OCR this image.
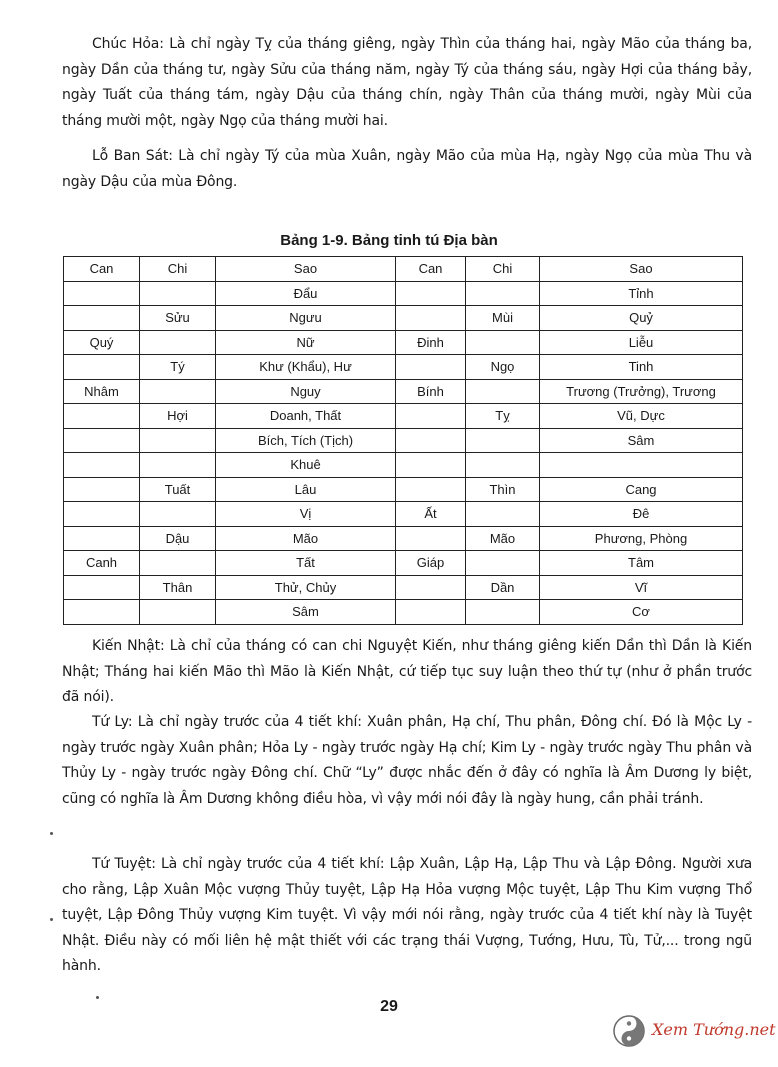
Chúc Hỏa: Là chỉ ngày Tỵ của tháng giêng, ngày Thìn của tháng hai, ngày Mão của tháng ba, ngày Dần của tháng tư, ngày Sửu của tháng năm, ngày Tý của tháng sáu, ngày Hợi của tháng bảy, ngày Tuất của tháng tám, ngày Dậu của tháng chín, ngày Thân của tháng mười, ngày Mùi của tháng mười một, ngày Ngọ của tháng mười hai.

Lỗ Ban Sát: Là chỉ ngày Tý của mùa Xuân, ngày Mão của mùa Hạ, ngày Ngọ của mùa Thu và ngày Dậu của mùa Đông.

Bảng 1-9. Bảng tinh tú Địa bàn
Can	Chi	Sao	Can	Chi	Sao
		Đẩu			Tỉnh
	Sửu	Ngưu		Mùi	Quỷ
Quý		Nữ	Đinh		Liễu
	Tý	Khư (Khẩu), Hư		Ngọ	Tinh
Nhâm		Nguy	Bính		Trương (Trưởng), Trương
	Hợi	Doanh, Thất		Tỵ	Vũ, Dực
		Bích, Tích (Tịch)			Sâm
		Khuê			
	Tuất	Lâu		Thìn	Cang
		Vị	Ất		Đê
	Dậu	Mão		Mão	Phương, Phòng
Canh		Tất	Giáp		Tâm
	Thân	Thử, Chủy		Dần	Vĩ
		Sâm			Cơ

Kiến Nhật: Là chỉ của tháng có can chi Nguyệt Kiến, như tháng giêng kiến Dần thì Dần là Kiến Nhật; Tháng hai kiến Mão thì Mão là Kiến Nhật, cứ tiếp tục suy luận theo thứ tự (như ở phần trước đã nói).

Tứ Ly: Là chỉ ngày trước của 4 tiết khí: Xuân phân, Hạ chí, Thu phân, Đông chí. Đó là Mộc Ly - ngày trước ngày Xuân phân; Hỏa Ly - ngày trước ngày Hạ chí; Kim Ly - ngày trước ngày Thu phân và Thủy Ly - ngày trước ngày Đông chí. Chữ “Ly” được nhắc đến ở đây có nghĩa là Âm Dương ly biệt, cũng có nghĩa là Âm Dương không điều hòa, vì vậy mới nói đây là ngày hung, cần phải tránh.

Tứ Tuyệt: Là chỉ ngày trước của 4 tiết khí: Lập Xuân, Lập Hạ, Lập Thu và Lập Đông. Người xưa cho rằng, Lập Xuân Mộc vượng Thủy tuyệt, Lập Hạ Hỏa vượng Mộc tuyệt, Lập Thu Kim vượng Thổ tuyệt, Lập Đông Thủy vượng Kim tuyệt. Vì vậy mới nói rằng, ngày trước của 4 tiết khí này là Tuyệt Nhật. Điều này có mối liên hệ mật thiết với các trạng thái Vượng, Tướng, Hưu, Tù, Tử,... trong ngũ hành.

29
Xem Tướng.net
